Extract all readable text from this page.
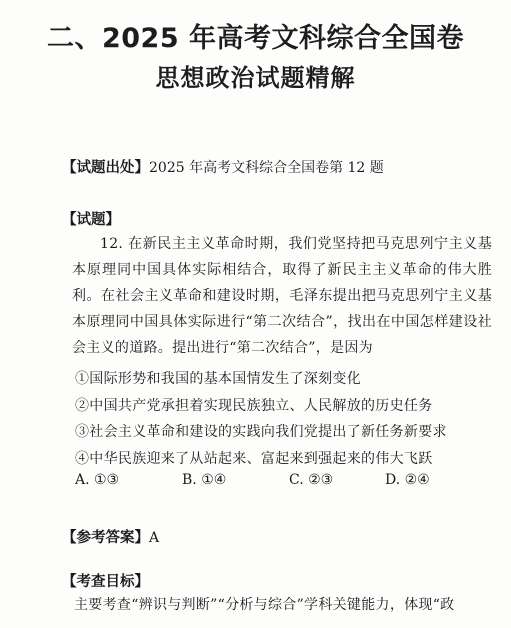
二、2025 年高考文科综合全国卷
思想政治试题精解
【试题出处】2025 年高考文科综合全国卷第 12 题
【试题】
12. 在新民主主义革命时期，我们党坚持把马克思列宁主义基本原理同中国具体实际相结合，取得了新民主主义革命的伟大胜利。在社会主义革命和建设时期，毛泽东提出把马克思列宁主义基本原理同中国具体实际进行“第二次结合”，找出在中国怎样建设社会主义的道路。提出进行“第二次结合”，是因为
①国际形势和我国的基本国情发生了深刻变化
②中国共产党承担着实现民族独立、人民解放的历史任务
③社会主义革命和建设的实践向我们党提出了新任务新要求
④中华民族迎来了从站起来、富起来到强起来的伟大飞跃
A. ①③	B. ①④	C. ②③	D. ②④
【参考答案】A
【考查目标】
主要考查“辨识与判断”“分析与综合”学科关键能力，体现“政
